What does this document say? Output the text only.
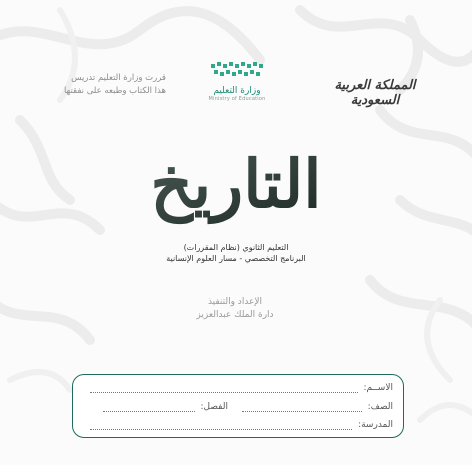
قررت وزارة التعليم تدريس
هذا الكتاب وطبعه على نفقتها	وزارة التعليم
Ministry of Education
المملكة العربية السعودية
التاريخ
التعليم الثانوي (نظام المقررات)
البرنامج التخصصي - مسار العلوم الإنسانية
الإعداد والتنفيذ
دارة الملك عبدالعزيز
الاســم:
الصف:   الفصل:
المدرسة:
